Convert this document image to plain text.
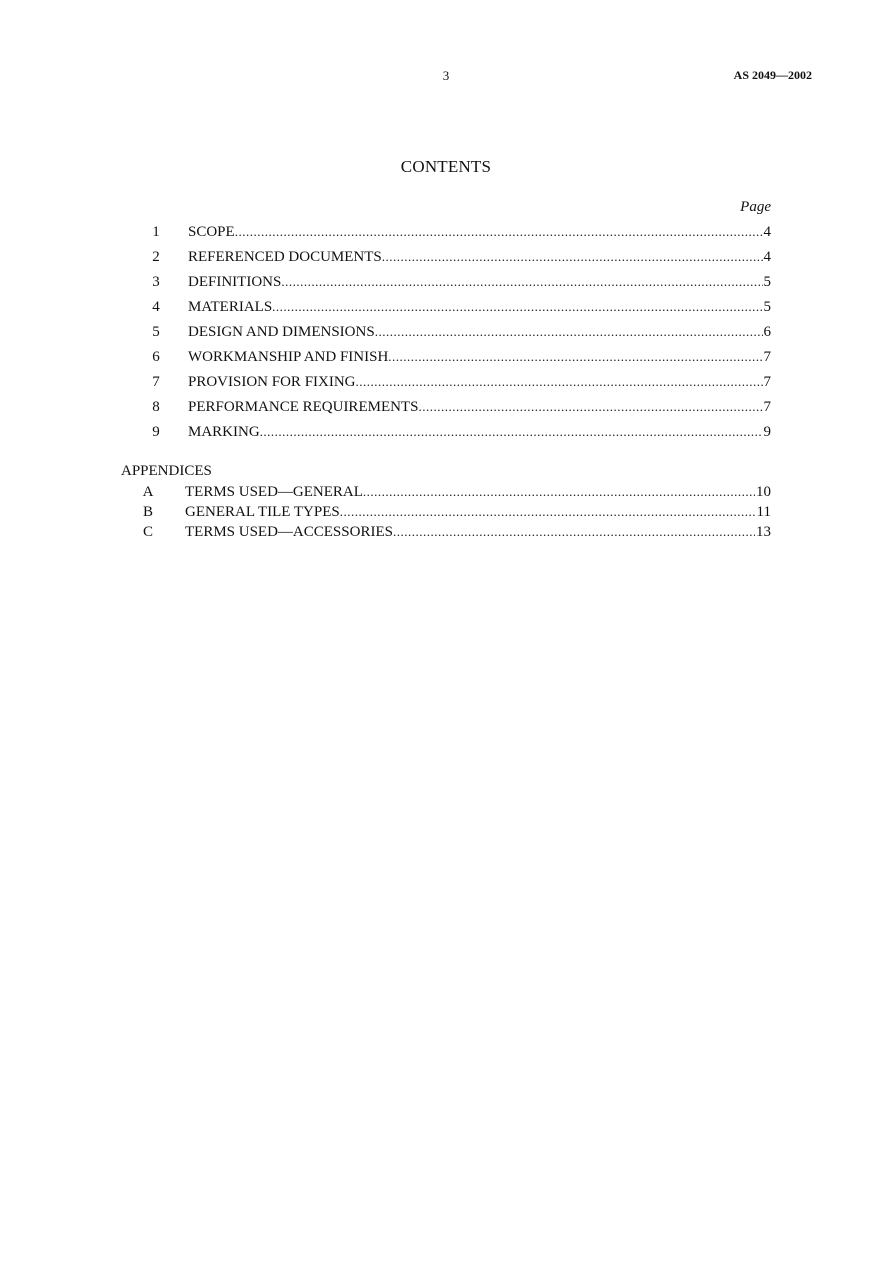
3	AS 2049—2002
CONTENTS
Page
1	SCOPE .....	4
2	REFERENCED DOCUMENTS .....	4
3	DEFINITIONS .....	5
4	MATERIALS .....	5
5	DESIGN AND DIMENSIONS .....	6
6	WORKMANSHIP AND FINISH .....	7
7	PROVISION FOR FIXING .....	7
8	PERFORMANCE REQUIREMENTS .....	7
9	MARKING .....	9
APPENDICES
A TERMS USED—GENERAL .....	10
B GENERAL TILE TYPES .....	11
C TERMS USED—ACCESSORIES .....	13
